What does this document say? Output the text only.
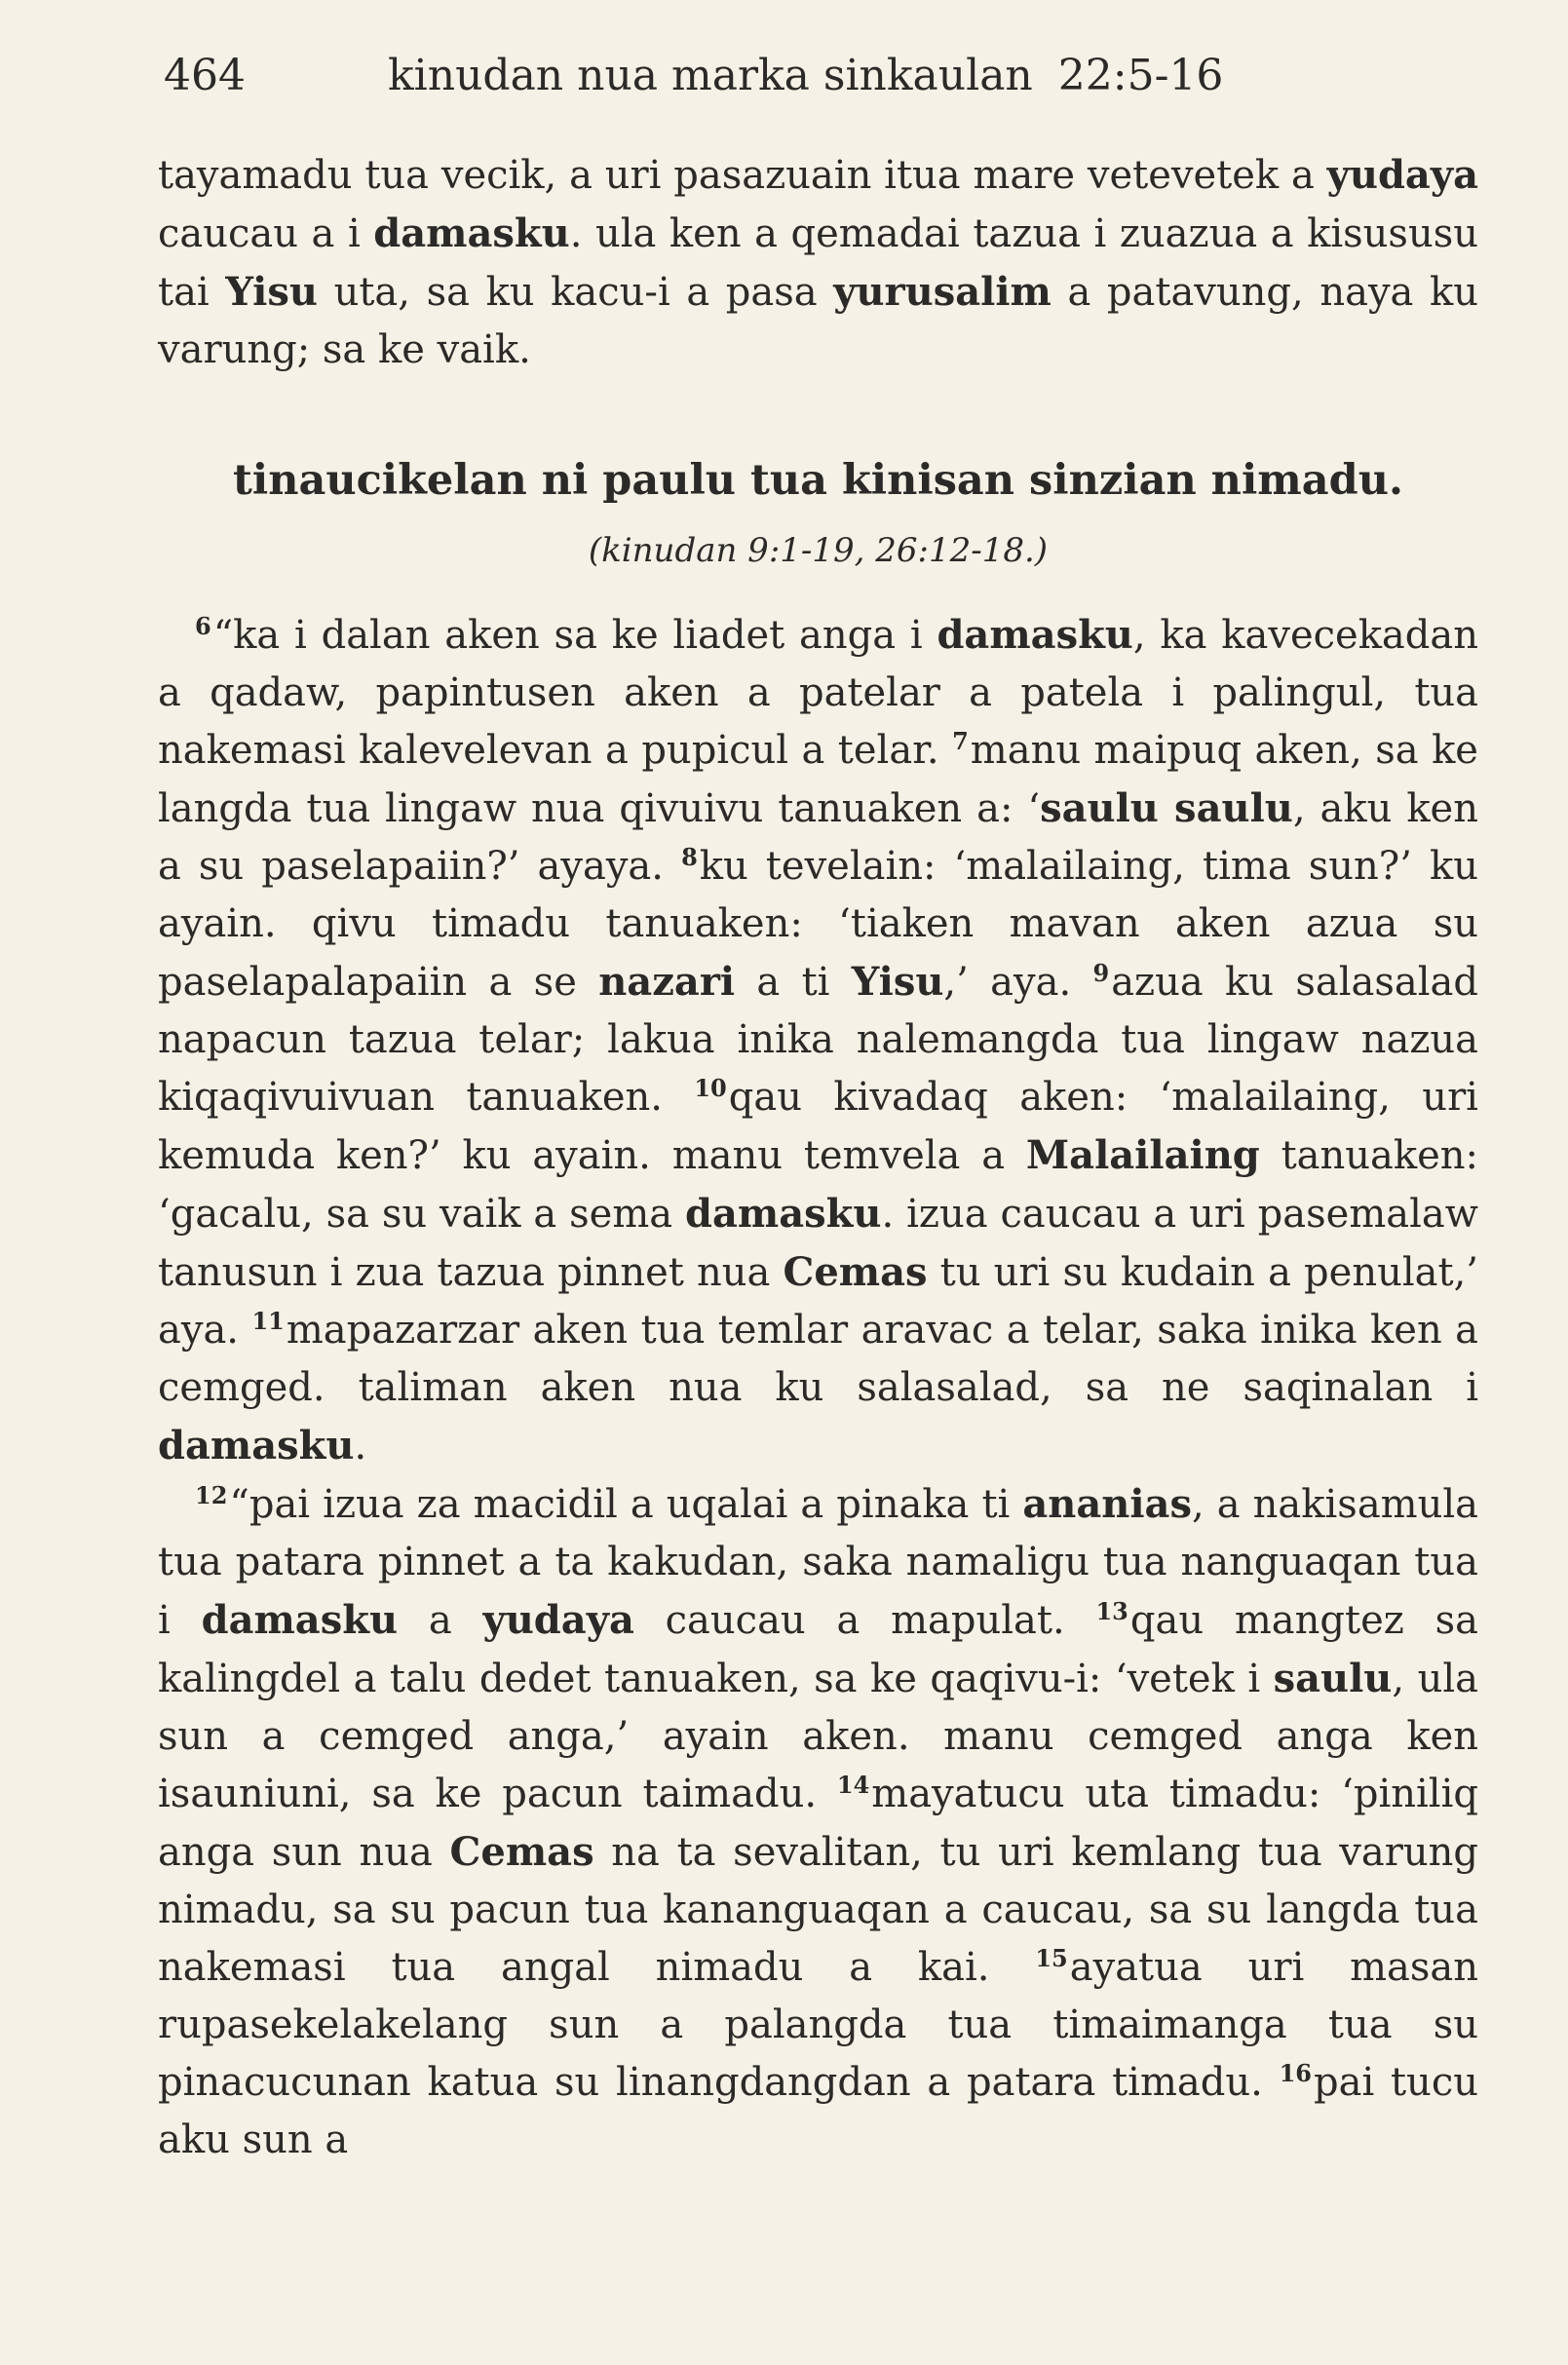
464	kinudan nua marka sinkaulan 22:5-16

tayamadu tua vecik, a uri pasazuain itua mare vetevetek a yudaya caucau a i damasku. ula ken a qemadai tazua i zuazua a kisususu tai Yisu uta, sa ku kacu-i a pasa yurusalim a patavung, naya ku varung; sa ke vaik.

tinaucikelan ni paulu tua kinisan sinzian nimadu.
(kinudan 9:1-19, 26:12-18.)

$^6$“ka i dalan aken sa ke liadet anga i damasku, ka kavecekadan a qadaw, papintusen aken a patelar a patela i palingul, tua nakemasi kalevelevan a pupicul a telar. $^7$manu maipuq aken, sa ke langda tua lingaw nua qivuivu tanuaken a: ‘saulu saulu, aku ken a su paselapaiin?’ ayaya. $^8$ku tevelain: ‘malailaing, tima sun?’ ku ayain. qivu timadu tanuaken: ‘tiaken mavan aken azua su paselapalapaiin a se nazari a ti Yisu,’ aya. $^9$azua ku salasalad napacun tazua telar; lakua inika nalemangda tua lingaw nazua kiqaqivuivuan tanuaken. $^{10}$qau kivadaq aken: ‘malailaing, uri kemuda ken?’ ku ayain. manu temvela a Malailaing tanuaken: ‘gacalu, sa su vaik a sema damasku. izua caucau a uri pasemalaw tanusun i zua tazua pinnet nua Cemas tu uri su kudain a penulat,’ aya. $^{11}$mapazarzar aken tua temlar aravac a telar, saka inika ken a cemged. taliman aken nua ku salasalad, sa ne saqinalan i damasku.

$^{12}$“pai izua za macidil a uqalai a pinaka ti ananias, a nakisamula tua patara pinnet a ta kakudan, saka namaligu tua nanguaqan tua i damasku a yudaya caucau a mapulat. $^{13}$qau mangtez sa kalingdel a talu dedet tanuaken, sa ke qaqivu-i: ‘vetek i saulu, ula sun a cemged anga,’ ayain aken. manu cemged anga ken isauniuni, sa ke pacun taimadu. $^{14}$mayatucu uta timadu: ‘piniliq anga sun nua Cemas na ta sevalitan, tu uri kemlang tua varung nimadu, sa su pacun tua kananguaqan a caucau, sa su langda tua nakemasi tua angal nimadu a kai. $^{15}$ayatua uri masan rupasekelakelang sun a palangda tua timaimanga tua su pinacucunan katua su linangdangdan a patara timadu. $^{16}$pai tucu aku sun a
